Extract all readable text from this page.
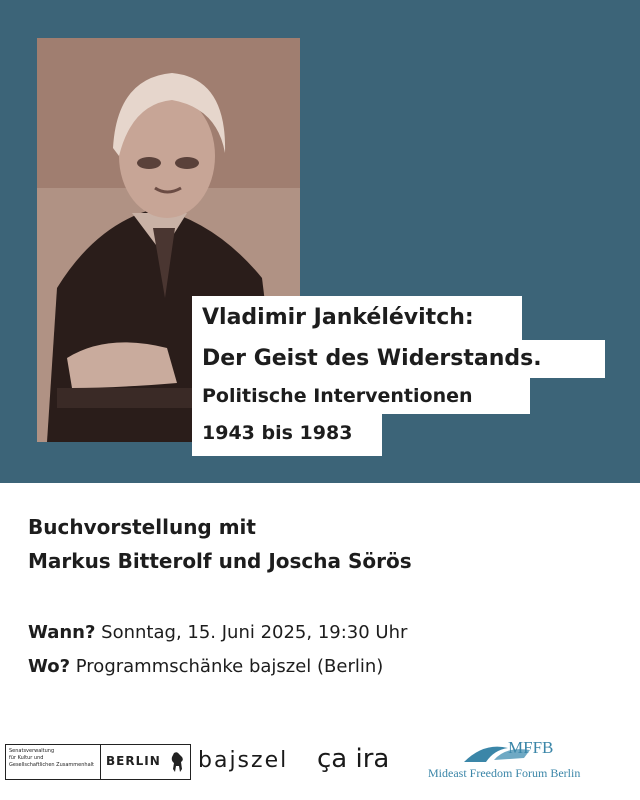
Vladimir Jankélévitch:
Der Geist des Widerstands.
Politische Interventionen
1943 bis 1983
Buchvorstellung mit
Markus Bitterolf und Joscha Sörös
Wann? Sonntag, 15. Juni 2025, 19:30 Uhr
Wo? Programmschänke bajszel (Berlin)
Senatsverwaltung
für Kultur und
Gesellschaftlichen Zusammenhalt BERLIN bajszel ça ira	MFFB
Mideast Freedom Forum Berlin
